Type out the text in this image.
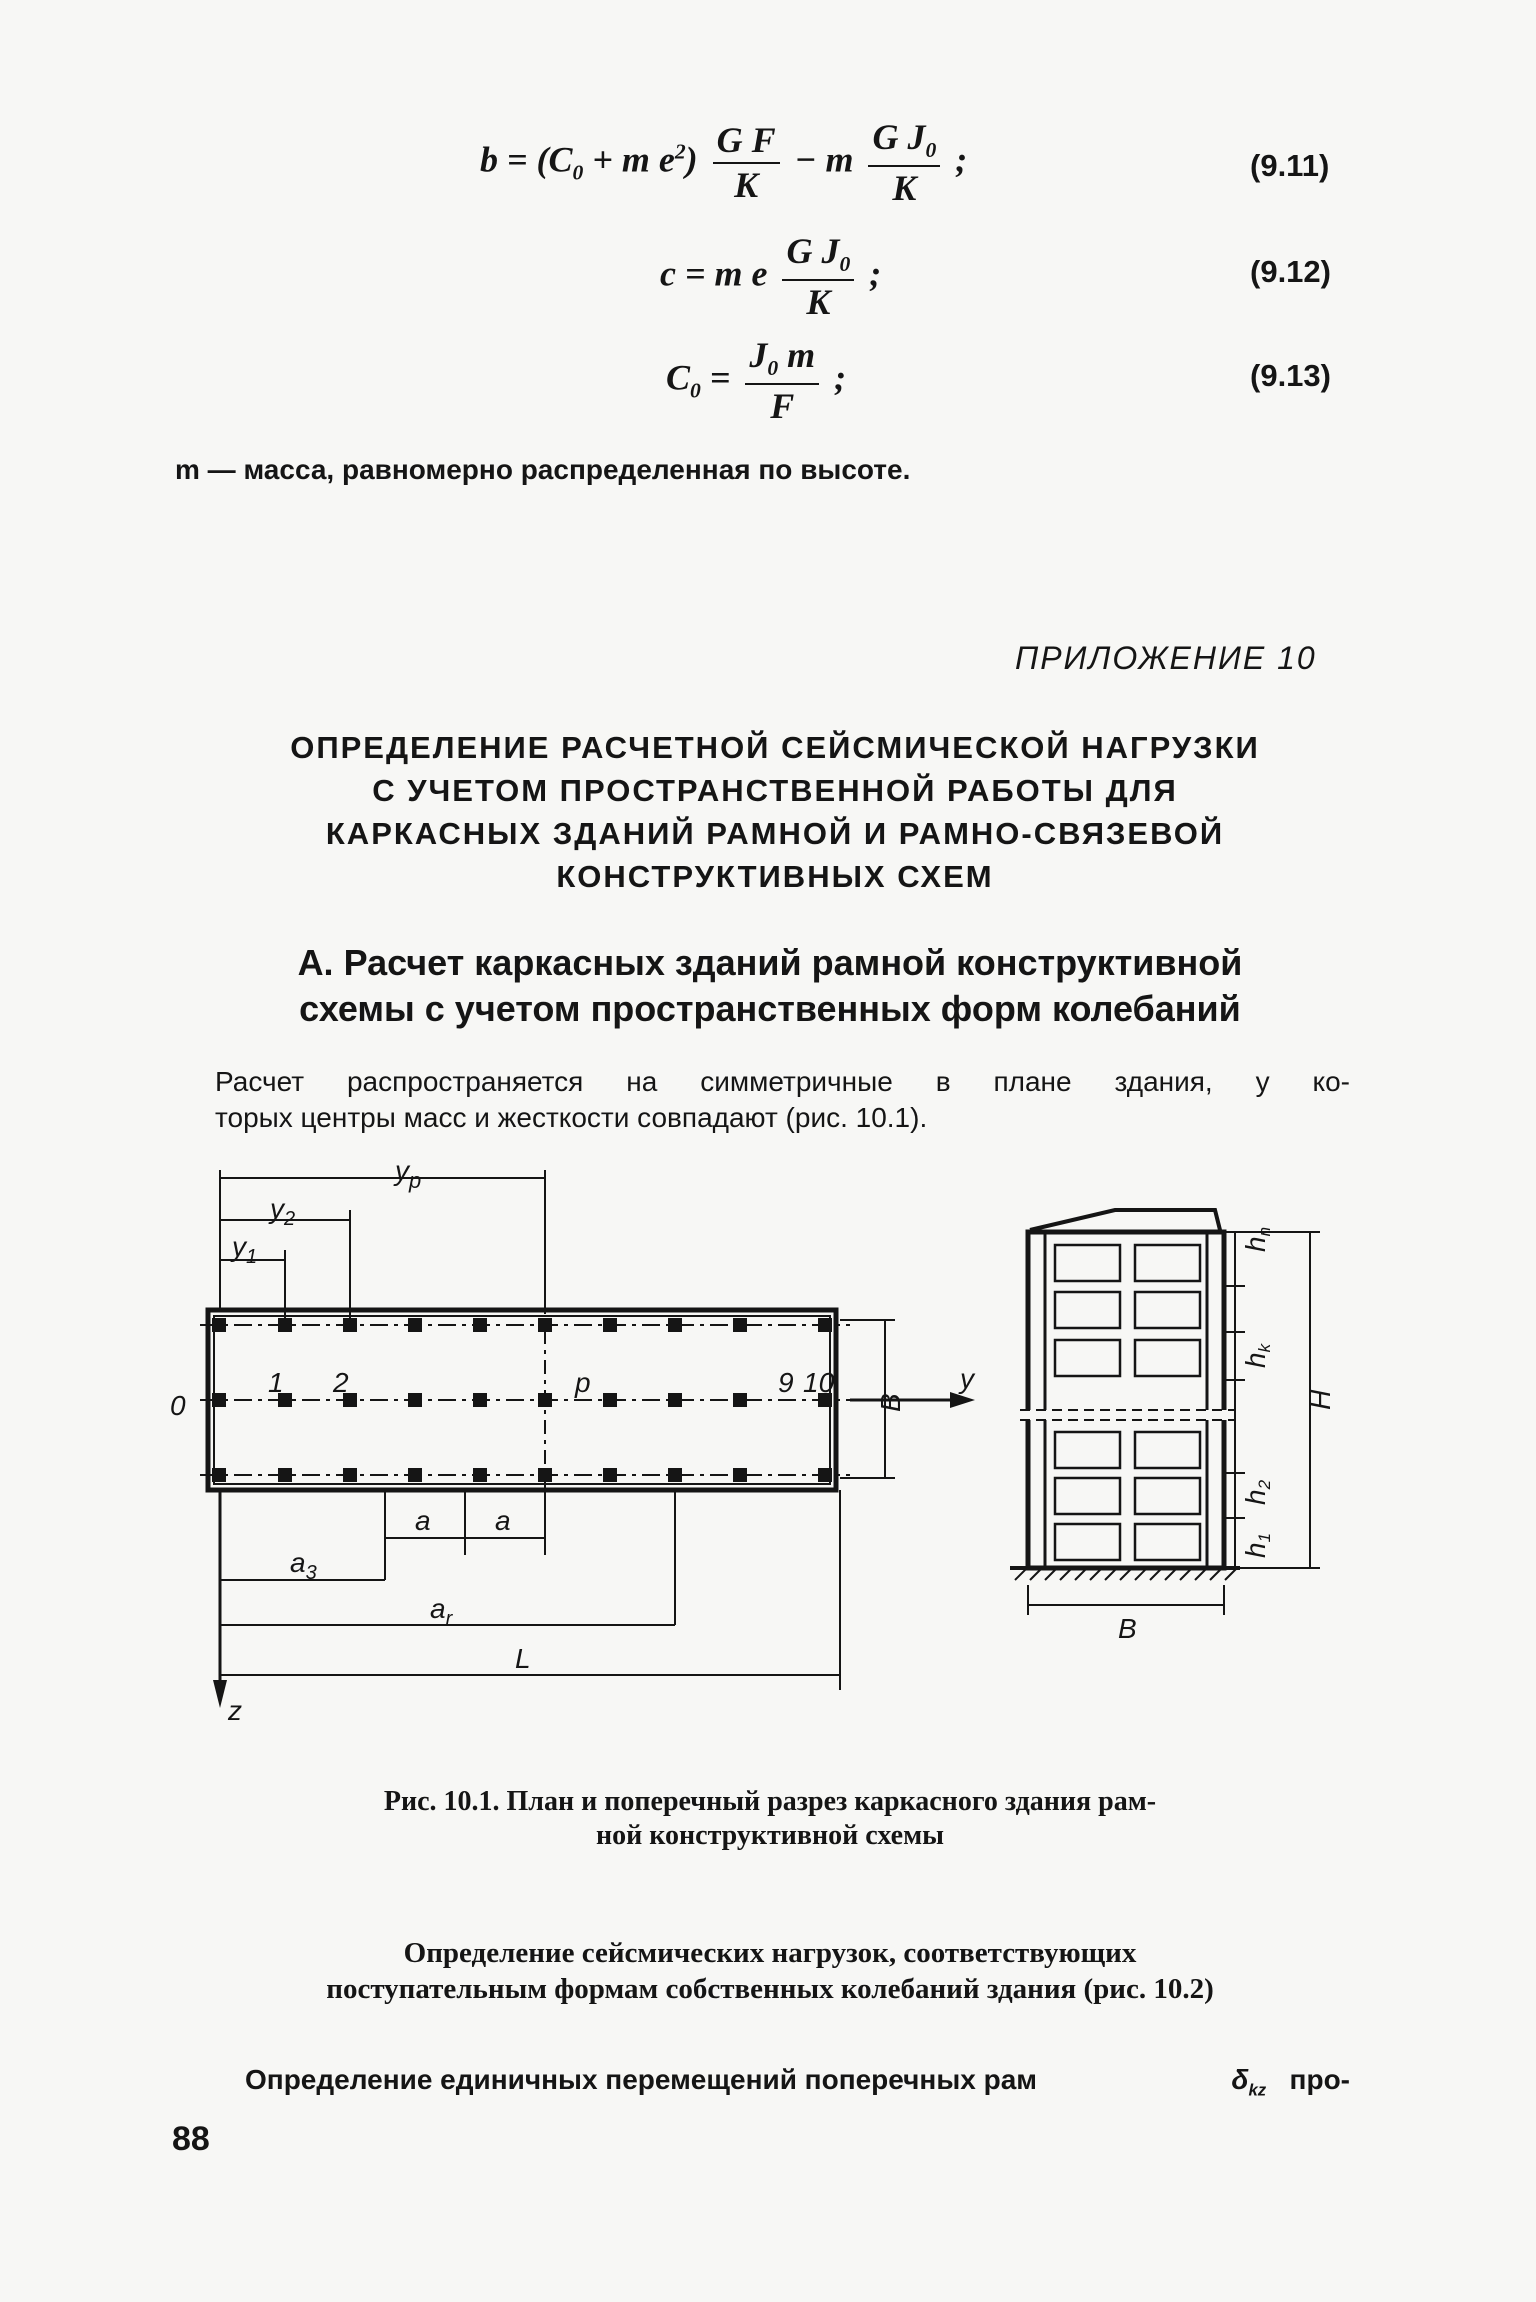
$b = (C_0 + m$ $e^2) \frac{\text{G F}}{K} - m \frac{G J_0}{K}$ ;	(9.11)
c = m e $\frac{G J_0}{K}$ ;	(9.12)
$C_0 = \frac{J_0 m}{F}$ ;	(9.13)
m — масса, равномерно распределенная по высоте.
ПРИЛОЖЕНИЕ 10
ОПРЕДЕЛЕНИЕ РАСЧЕТНОЙ СЕЙСМИЧЕСКОЙ НАГРУЗКИ
С УЧЕТОМ ПРОСТРАНСТВЕННОЙ РАБОТЫ ДЛЯ
КАРКАСНЫХ ЗДАНИЙ РАМНОЙ И РАМНО-СВЯЗЕВОЙ
КОНСТРУКТИВНЫХ СХЕМ
А. Расчет каркасных зданий рамной конструктивной
схемы с учетом пространственных форм колебаний
Расчет распространяется на симметричные в плане здания, у ко-
торых центры масс и жесткости совпадают (рис. 10.1).
$y_p$
$y_2$
$y_1$
0
1 2	p	9 10
a a
$a_3$
$a_r$
L
B
y
z
hn
hk
h2
h1
H
B
Рис. 10.1. План и поперечный разрез каркасного здания рам-
ной конструктивной схемы
Определение сейсмических нагрузок, соответствующих
поступательным формам собственных колебаний здания (рис. 10.2)
Определение единичных перемещений поперечных рам	$\delta_{kz}$ про-
88
